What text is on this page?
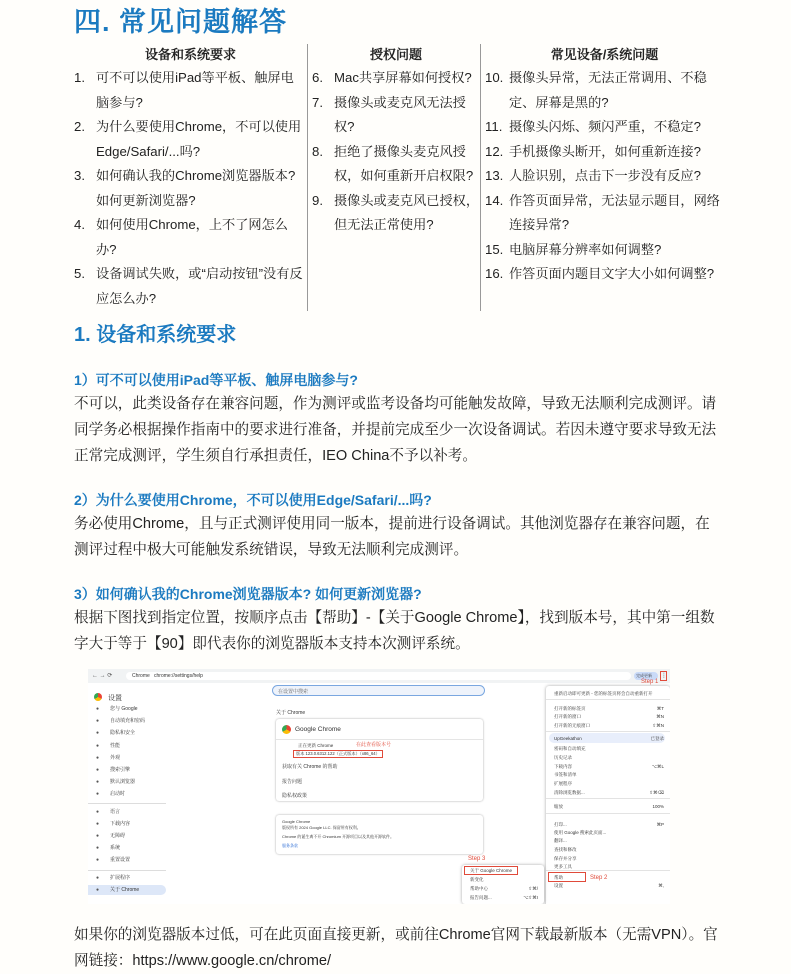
四. 常见问题解答
设备和系统要求
1. 可不可以使用iPad等平板、触屏电脑参与?
2. 为什么要使用Chrome，不可以使用Edge/Safari/...吗?
3. 如何确认我的Chrome浏览器版本? 如何更新浏览器?
4. 如何使用Chrome，上不了网怎么办?
5. 设备调试失败，或“启动按钮”没有反应怎么办?
授权问题
6. Mac共享屏幕如何授权?
7. 摄像头或麦克风无法授权?
8. 拒绝了摄像头麦克风授权，如何重新开启权限?
9. 摄像头或麦克风已授权，但无法正常使用?
常见设备/系统问题
10. 摄像头异常，无法正常调用、不稳定、屏幕是黑的?
11. 摄像头闪烁、频闪严重，不稳定?
12. 手机摄像头断开，如何重新连接?
13. 人脸识别，点击下一步没有反应?
14. 作答页面异常，无法显示题目，网络连接异常?
15. 电脑屏幕分辨率如何调整?
16. 作答页面内题目文字大小如何调整?
1. 设备和系统要求
1）可不可以使用iPad等平板、触屏电脑参与?
不可以，此类设备存在兼容问题，作为测评或监考设备均可能触发故障，导致无法顺利完成测评。请同学务必根据操作指南中的要求进行准备，并提前完成至少一次设备调试。若因未遵守要求导致无法正常完成测评，学生须自行承担责任，IEO China不予以补考。
2）为什么要使用Chrome，不可以使用Edge/Safari/...吗?
务必使用Chrome，且与正式测评使用同一版本，提前进行设备调试。其他浏览器存在兼容问题，在测评过程中极大可能触发系统错误，导致无法顺利完成测评。
3）如何确认我的Chrome浏览器版本? 如何更新浏览器?
根据下图找到指定位置，按顺序点击【帮助】-【关于Google Chrome】，找到版本号，其中第一组数字大于等于【90】即代表你的浏览器版本支持本次测评系统。
← → ⟳	Chrome chrome://settings/help
设置
● 您与 Google
● 自动填充和密码
● 隐私和安全
● 性能
● 外观
● 搜索引擎
● 默认浏览器
● 启动时
● 语言
● 下载内容
● 无障碍
● 系统
● 重置设置
● 扩展程序
● 关于 Chrome
在设置中搜索
关于 Chrome
Google Chrome
正在更新 Chrome
版本 123.0.6312.122（正式版本）（x86_64）
在此查看版本号
获取有关 Chrome 的帮助
报告问题
隐私权政策
Google Chrome
版权所有 2024 Google LLC. 保留所有权利。
Chrome 的诞生离不开 Chromium 开源项目以及其他开源软件。
服务条款
完成更新	⋮
Step 1
重新启动即可更新 - 您的标签页将会自动重新打开
打开新的标签页	⌘T
打开新的窗口	⌘N
打开新的无痕窗口	⇧⌘N
UpGeekathon	已登录
密码和自动填充
历史记录
下载内容	⌥⌘L
书签和清单
扩展程序
清除浏览数据...	⇧⌘⌫
缩放	100%
打印...	⌘P
使用 Google 搜索此页面...
翻译...
查找和修改
保存并分享
更多工具
帮助
设置	⌘,
Step 2
Step 3
关于 Google Chrome
新变化
帮助中心	⇧⌘/
报告问题...	⌥⇧⌘I
如果你的浏览器版本过低，可在此页面直接更新，或前往Chrome官网下载最新版本（无需VPN）。官网链接：https://www.google.cn/chrome/
